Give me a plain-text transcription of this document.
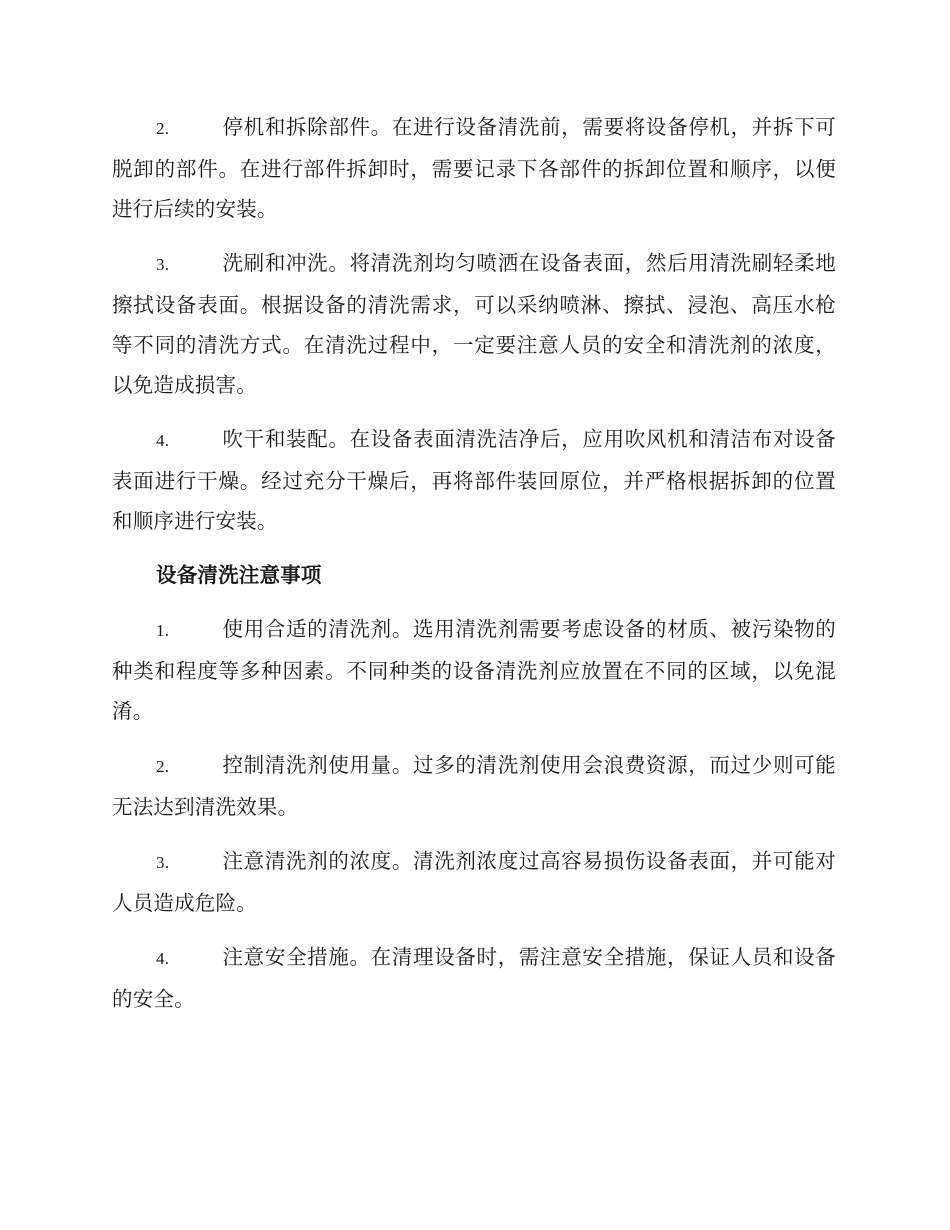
2.	停机和拆除部件。在进行设备清洗前，需要将设备停机，并拆下可脱卸的部件。在进行部件拆卸时，需要记录下各部件的拆卸位置和顺序，以便进行后续的安装。

3.	洗刷和冲洗。将清洗剂均匀喷洒在设备表面，然后用清洗刷轻柔地擦拭设备表面。根据设备的清洗需求，可以采纳喷淋、擦拭、浸泡、高压水枪等不同的清洗方式。在清洗过程中，一定要注意人员的安全和清洗剂的浓度，以免造成损害。

4.	吹干和装配。在设备表面清洗洁净后，应用吹风机和清洁布对设备表面进行干燥。经过充分干燥后，再将部件装回原位，并严格根据拆卸的位置和顺序进行安装。

设备清洗注意事项

1.	使用合适的清洗剂。选用清洗剂需要考虑设备的材质、被污染物的种类和程度等多种因素。不同种类的设备清洗剂应放置在不同的区域，以免混淆。

2.	控制清洗剂使用量。过多的清洗剂使用会浪费资源，而过少则可能无法达到清洗效果。

3.	注意清洗剂的浓度。清洗剂浓度过高容易损伤设备表面，并可能对人员造成危险。

4.	注意安全措施。在清理设备时，需注意安全措施，保证人员和设备的安全。
